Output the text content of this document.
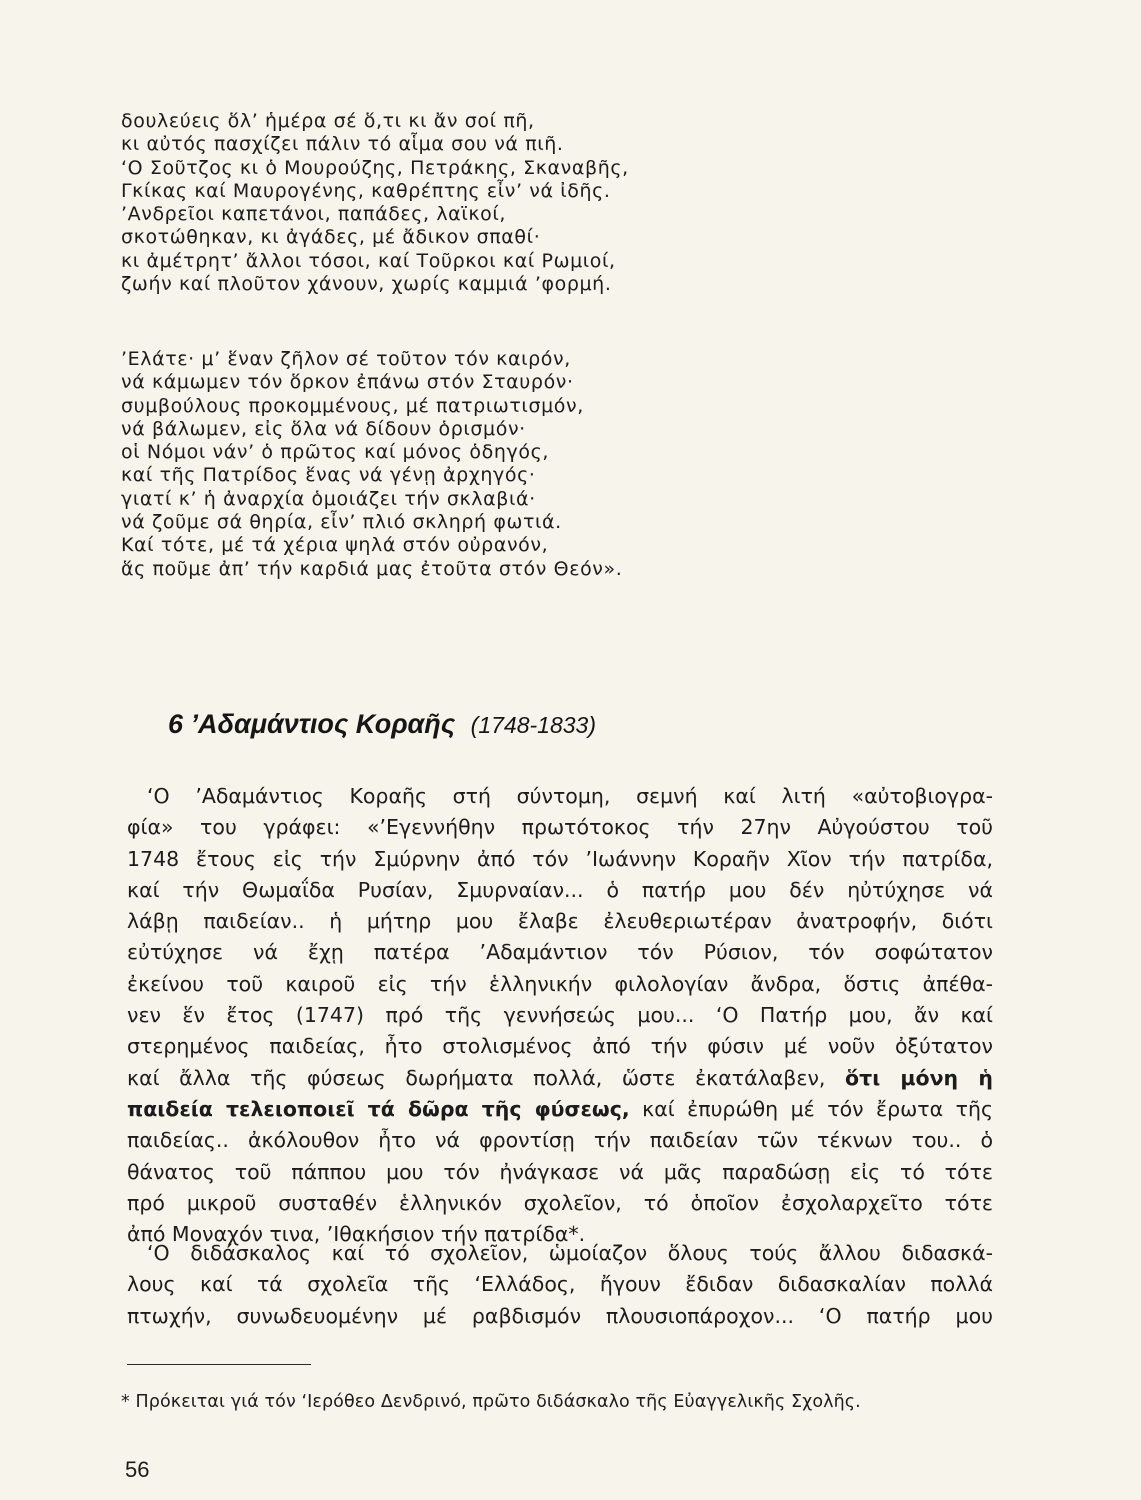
δουλεύεις ὅλ’ ἡμέρα σέ ὅ,τι κι ἄν σοί πῆ,
κι αὐτός πασχίζει πάλιν τό αἷμα σου νά πιῆ.
‘Ο Σοῦτζος κι ὁ Μουρούζης, Πετράκης, Σκαναβῆς,
Γκίκας καί Μαυρογένης, καθρέπτης εἶν’ νά ἰδῆς.
’Ανδρεῖοι καπετάνοι, παπάδες, λαϊκοί,
σκοτώθηκαν, κι ἀγάδες, μέ ἄδικον σπαθί·
κι ἀμέτρητ’ ἄλλοι τόσοι, καί Τοῦρκοι καί Ρωμιοί,
ζωήν καί πλοῦτον χάνουν, χωρίς καμμιά ’φορμή.
’Ελάτε· μ’ ἕναν ζῆλον σέ τοῦτον τόν καιρόν,
νά κάμωμεν τόν ὅρκον ἐπάνω στόν Σταυρόν·
συμβούλους προκομμένους, μέ πατριωτισμόν,
νά βάλωμεν, εἰς ὅλα νά δίδουν ὁρισμόν·
οἱ Νόμοι νάν’ ὁ πρῶτος καί μόνος ὁδηγός,
καί τῆς Πατρίδος ἕνας νά γένῃ ἀρχηγός·
γιατί κ’ ἡ ἀναρχία ὁμοιάζει τήν σκλαβιά·
νά ζοῦμε σά θηρία, εἶν’ πλιό σκληρή φωτιά.
Καί τότε, μέ τά χέρια ψηλά στόν οὐρανόν,
ἅς ποῦμε ἀπ’ τήν καρδιά μας ἐτοῦτα στόν Θεόν».
6 ’Αδαμάντιος Κοραῆς (1748-1833)
‘Ο ’Αδαμάντιος Κοραῆς στή σύντομη, σεμνή καί λιτή «αὐτοβιογρα-
φία» του γράφει: «’Εγεννήθην πρωτότοκος τήν 27ην Αὐγούστου τοῦ
1748 ἔτους εἰς τήν Σμύρνην ἀπό τόν ’Ιωάννην Κοραῆν Χῖον τήν πατρίδα,
καί τήν Θωμαΐδα Ρυσίαν, Σμυρναίαν... ὁ πατήρ μου δέν ηὐτύχησε νά
λάβῃ παιδείαν.. ἡ μήτηρ μου ἔλαβε ἐλευθεριωτέραν ἀνατροφήν, διότι
εὐτύχησε νά ἔχῃ πατέρα ’Αδαμάντιον τόν Ρύσιον, τόν σοφώτατον
ἐκείνου τοῦ καιροῦ εἰς τήν ἑλληνικήν φιλολογίαν ἄνδρα, ὅστις ἀπέθα-
νεν ἕν ἔτος (1747) πρό τῆς γεννήσεώς μου... ‘Ο Πατήρ μου, ἄν καί
στερημένος παιδείας, ἦτο στολισμένος ἀπό τήν φύσιν μέ νοῦν ὀξύτατον
καί ἄλλα τῆς φύσεως δωρήματα πολλά, ὥστε ἐκατάλαβεν, ὅτι μόνη ἡ
παιδεία τελειοποιεῖ τά δῶρα τῆς φύσεως, καί ἐπυρώθη μέ τόν ἔρωτα τῆς
παιδείας.. ἀκόλουθον ἦτο νά φροντίσῃ τήν παιδείαν τῶν τέκνων του.. ὁ
θάνατος τοῦ πάππου μου τόν ἠνάγκασε νά μᾶς παραδώσῃ εἰς τό τότε
πρό μικροῦ συσταθέν ἑλληνικόν σχολεῖον, τό ὁποῖον ἐσχολαρχεῖτο τότε
ἀπό Μοναχόν τινα, ’Ιθακήσιον τήν πατρίδα*.
‘Ο διδάσκαλος καί τό σχολεῖον, ὡμοίαζον ὅλους τούς ἄλλου διδασκά-
λους καί τά σχολεῖα τῆς ‘Ελλάδος, ἤγουν ἔδιδαν διδασκαλίαν πολλά
πτωχήν, συνωδευομένην μέ ραβδισμόν πλουσιοπάροχον... ‘Ο πατήρ μου
* Πρόκειται γιά τόν ‘Ιερόθεο Δενδρινό, πρῶτο διδάσκαλο τῆς Εὐαγγελικῆς Σχολῆς.
56
